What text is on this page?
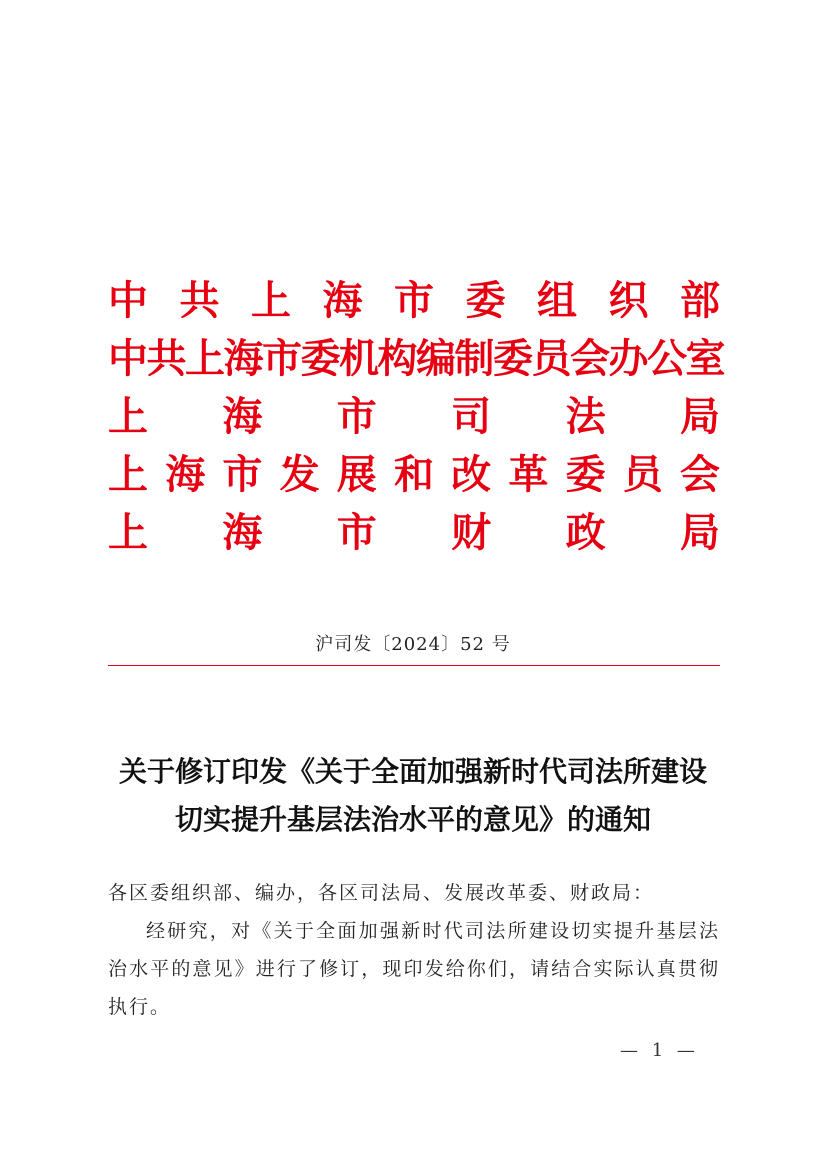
中 共 上 海 市 委 组 织 部
中共上海市委机构编制委员会办公室
上 海 市 司 法 局
上 海 市 发 展 和 改 革 委 员 会
上 海 市 财 政 局
沪司发〔2024〕52 号
关于修订印发《关于全面加强新时代司法所建设
切实提升基层法治水平的意见》的通知
各区委组织部、编办，各区司法局、发展改革委、财政局：
经研究，对《关于全面加强新时代司法所建设切实提升基层法治水平的意见》进行了修订，现印发给你们，请结合实际认真贯彻执行。
— 1 —
